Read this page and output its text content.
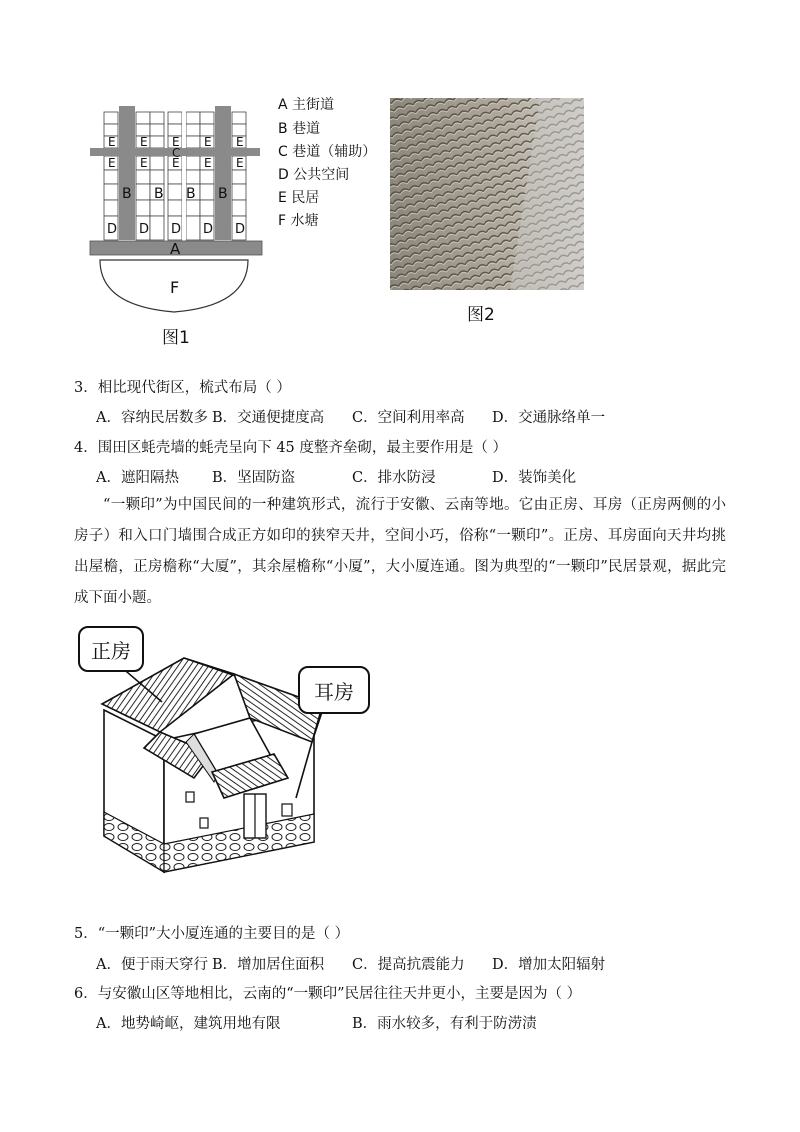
E E E E E
C
E E E E E
B B B B
D D D D D
A
F
A 主街道
B 巷道
C 巷道（辅助）
D 公共空间
E 民居
F 水塘
图1
图2
3．相比现代街区，梳式布局（ ）
A．容纳民居数多 B．交通便捷度高 C．空间利用率高 D．交通脉络单一
4．围田区蚝壳墙的蚝壳呈向下 45 度整齐垒砌，最主要作用是（ ）
A．遮阳隔热 B．坚固防盗	C．排水防浸	D．装饰美化
“一颗印”为中国民间的一种建筑形式，流行于安徽、云南等地。它由正房、耳房（正房两侧的小房子）和入口门墙围合成正方如印的狭窄天井，空间小巧，俗称“一颗印”。正房、耳房面向天井均挑出屋檐，正房檐称“大厦”，其余屋檐称“小厦”，大小厦连通。图为典型的“一颗印”民居景观，据此完成下面小题。
正房
耳房
5．“一颗印”大小厦连通的主要目的是（ ）
A．便于雨天穿行 B．增加居住面积 C．提高抗震能力 D．增加太阳辐射
6．与安徽山区等地相比，云南的“一颗印”民居往往天井更小，主要是因为（ ）
A．地势崎岖，建筑用地有限	B．雨水较多，有利于防涝渍
